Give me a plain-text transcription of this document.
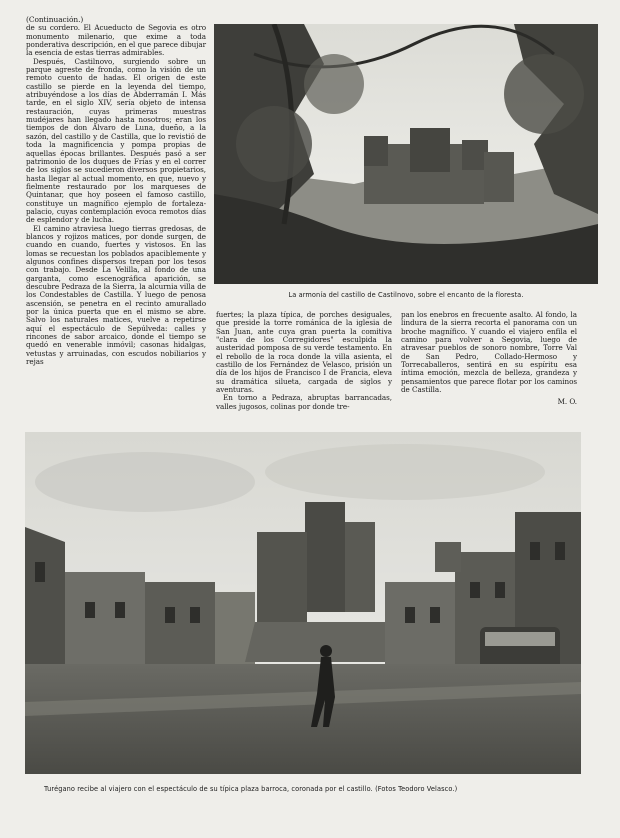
(Continuación.)

de su cordero. El Acueducto de Segovia es otro monumento milenario, que exime a toda ponderativa descripción, en el que parece dibujar la esencia de estas tierras admirables.

Después, Castilnovo, surgiendo sobre un parque agreste de fronda, como la visión de un remoto cuento de hadas. El origen de este castillo se pierde en la leyenda del tiempo, atribuyéndose a los días de Abderramán I. Más tarde, en el siglo XIV, sería objeto de intensa restauración, cuyas primeras muestras mudéjares han llegado hasta nosotros; eran los tiempos de don Álvaro de Luna, dueño, a la sazón, del castillo y de Castilla, que lo revistió de toda la magnificencia y pompa propias de aquellas épocas brillantes. Después pasó a ser patrimonio de los duques de Frías y en el correr de los siglos se sucedieron diversos propietarios, hasta llegar al actual momento, en que, nuevo y fielmente restaurado por los marqueses de Quintanar, que hoy poseen el famoso castillo, constituye un magnífico ejemplo de fortaleza-palacio, cuyas contemplación evoca remotos días de esplendor y de lucha.

El camino atraviesa luego tierras gredosas, de blancos y rojizos matices, por donde surgen, de cuando en cuando, fuertes y vistosos. En las lomas se recuestan los poblados apaciblemente y algunos confines dispersos trepan por los tesos con trabajo. Desde La Velilla, al fondo de una garganta, como escenográfica aparición, se descubre Pedraza de la Sierra, la alcurnia villa de los Condestables de Castilla. Y luego de penosa ascensión, se penetra en el recinto amurallado por la única puerta que en el mismo se abre. Salvo los naturales matices, vuelve a repetirse aquí el espectáculo de Sepúlveda: calles y rincones de sabor arcaico, donde el tiempo se quedó en venerable inmóvil; casonas hidalgas, vetustas y arruinadas, con escudos nobiliarios y rejas

La armonía del castillo de Castilnovo, sobre el encanto de la floresta.

fuertes; la plaza típica, de porches desiguales, que preside la torre románica de la iglesia de San Juan, ante cuya gran puerta la comitiva "clara de los Corregidores" esculpida la austeridad pomposa de su verde testamento. En el rebollo de la roca donde la villa asienta, el castillo de los Fernández de Velasco, prisión un día de los hijos de Francisco I de Francia, eleva su dramática silueta, cargada de siglos y aventuras.

En torno a Pedraza, abruptas barrancadas, valles jugosos, colinas por donde tre-

pan los enebros en frecuente asalto. Al fondo, la lindura de la sierra recorta el panorama con un broche magnífico. Y cuando el viajero enfila el camino para volver a Segovia, luego de atravesar pueblos de sonoro nombre, Torre Val de San Pedro, Collado-Hermoso y Torrecaballeros, sentirá en su espíritu esa íntima emoción, mezcla de belleza, grandeza y pensamientos que parece flotar por los caminos de Castilla.

M. O.
Turégano recibe al viajero con el espectáculo de su típica plaza barroca, coronada por el castillo. (Fotos Teodoro Velasco.)
